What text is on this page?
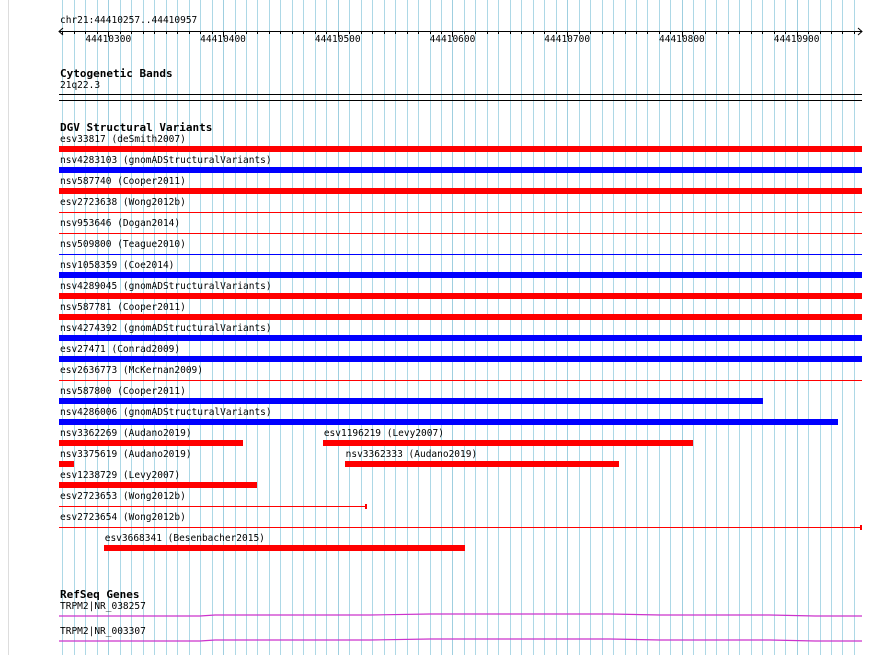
chr21:44410257..44410957
44410300	44410400	44410500	44410600	44410700	44410800	44410900
Cytogenetic Bands
21q22.3
DGV Structural Variants
esv33817 (deSmith2007)
nsv4283103 (gnomADStructuralVariants)
nsv587740 (Cooper2011)
esv2723638 (Wong2012b)
nsv953646 (Dogan2014)
nsv509800 (Teague2010)
nsv1058359 (Coe2014)
nsv4289045 (gnomADStructuralVariants)
nsv587781 (Cooper2011)
nsv4274392 (gnomADStructuralVariants)
esv27471 (Conrad2009)
esv2636773 (McKernan2009)
nsv587800 (Cooper2011)
nsv4286006 (gnomADStructuralVariants)
nsv3362269 (Audano2019)	esv1196219 (Levy2007)
nsv3375619 (Audano2019)	nsv3362333 (Audano2019)
esv1238729 (Levy2007)
esv2723653 (Wong2012b)
esv2723654 (Wong2012b)
esv3668341 (Besenbacher2015)
RefSeq Genes
TRPM2|NR_038257
TRPM2|NR_003307
